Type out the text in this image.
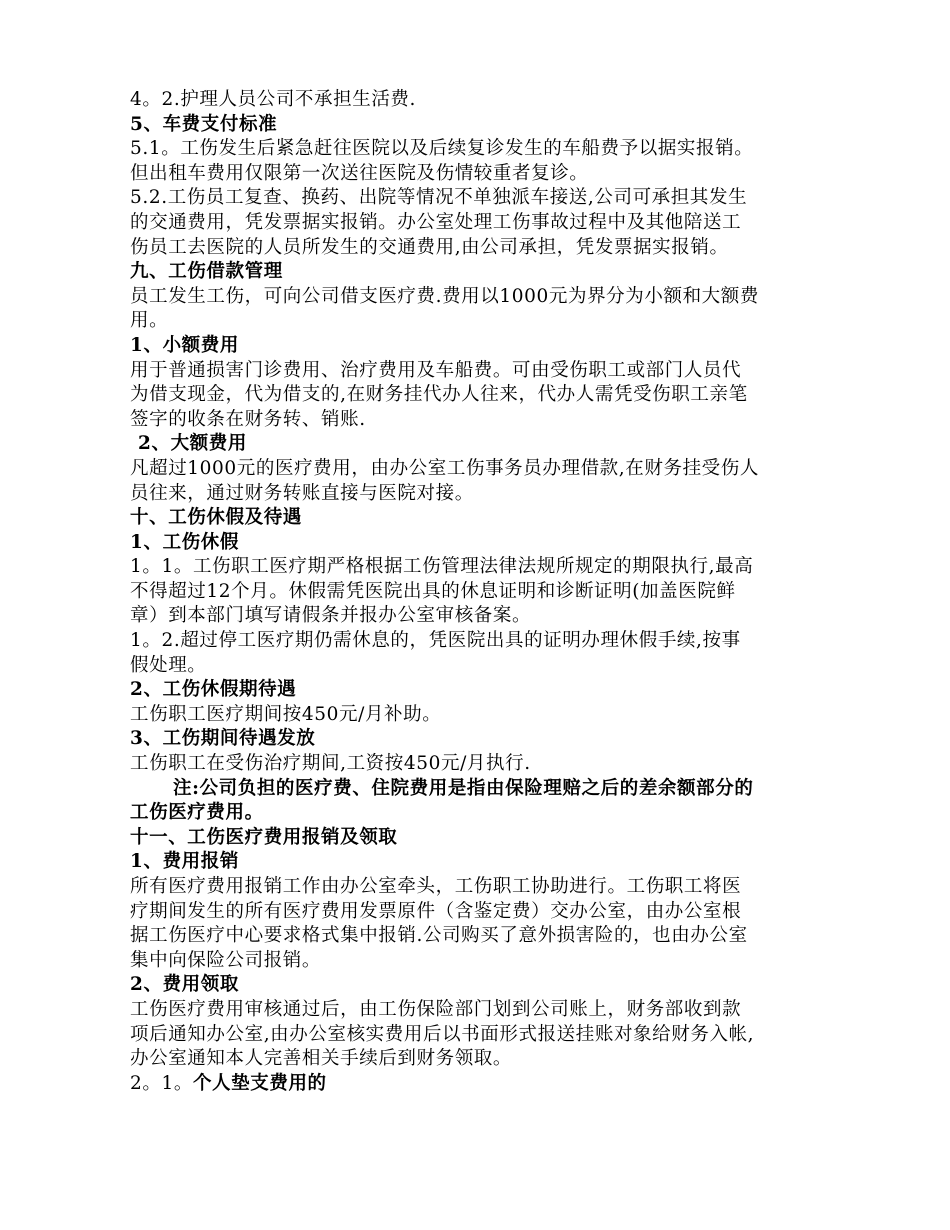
4。2.护理人员公司不承担生活费.
5、车费支付标准
5.1。工伤发生后紧急赶往医院以及后续复诊发生的车船费予以据实报销。
但出租车费用仅限第一次送往医院及伤情较重者复诊。
5.2.工伤员工复查、换药、出院等情况不单独派车接送,公司可承担其发生
的交通费用，凭发票据实报销。办公室处理工伤事故过程中及其他陪送工
伤员工去医院的人员所发生的交通费用,由公司承担，凭发票据实报销。
九、工伤借款管理
员工发生工伤，可向公司借支医疗费.费用以1000元为界分为小额和大额费
用。
1、小额费用
用于普通损害门诊费用、治疗费用及车船费。可由受伤职工或部门人员代
为借支现金，代为借支的,在财务挂代办人往来，代办人需凭受伤职工亲笔
签字的收条在财务转、销账.
2、大额费用
凡超过1000元的医疗费用，由办公室工伤事务员办理借款,在财务挂受伤人
员往来，通过财务转账直接与医院对接。
十、工伤休假及待遇
1、工伤休假
1。1。工伤职工医疗期严格根据工伤管理法律法规所规定的期限执行,最高
不得超过12个月。休假需凭医院出具的休息证明和诊断证明(加盖医院鲜
章）到本部门填写请假条并报办公室审核备案。
1。2.超过停工医疗期仍需休息的，凭医院出具的证明办理休假手续,按事
假处理。
2、工伤休假期待遇
工伤职工医疗期间按450元/月补助。
3、工伤期间待遇发放
工伤职工在受伤治疗期间,工资按450元/月执行.
注:公司负担的医疗费、住院费用是指由保险理赔之后的差余额部分的
工伤医疗费用。
十一、工伤医疗费用报销及领取
1、费用报销
所有医疗费用报销工作由办公室牵头，工伤职工协助进行。工伤职工将医
疗期间发生的所有医疗费用发票原件（含鉴定费）交办公室，由办公室根
据工伤医疗中心要求格式集中报销.公司购买了意外损害险的，也由办公室
集中向保险公司报销。
2、费用领取
工伤医疗费用审核通过后，由工伤保险部门划到公司账上，财务部收到款
项后通知办公室,由办公室核实费用后以书面形式报送挂账对象给财务入帐,
办公室通知本人完善相关手续后到财务领取。
2。1。个人垫支费用的
